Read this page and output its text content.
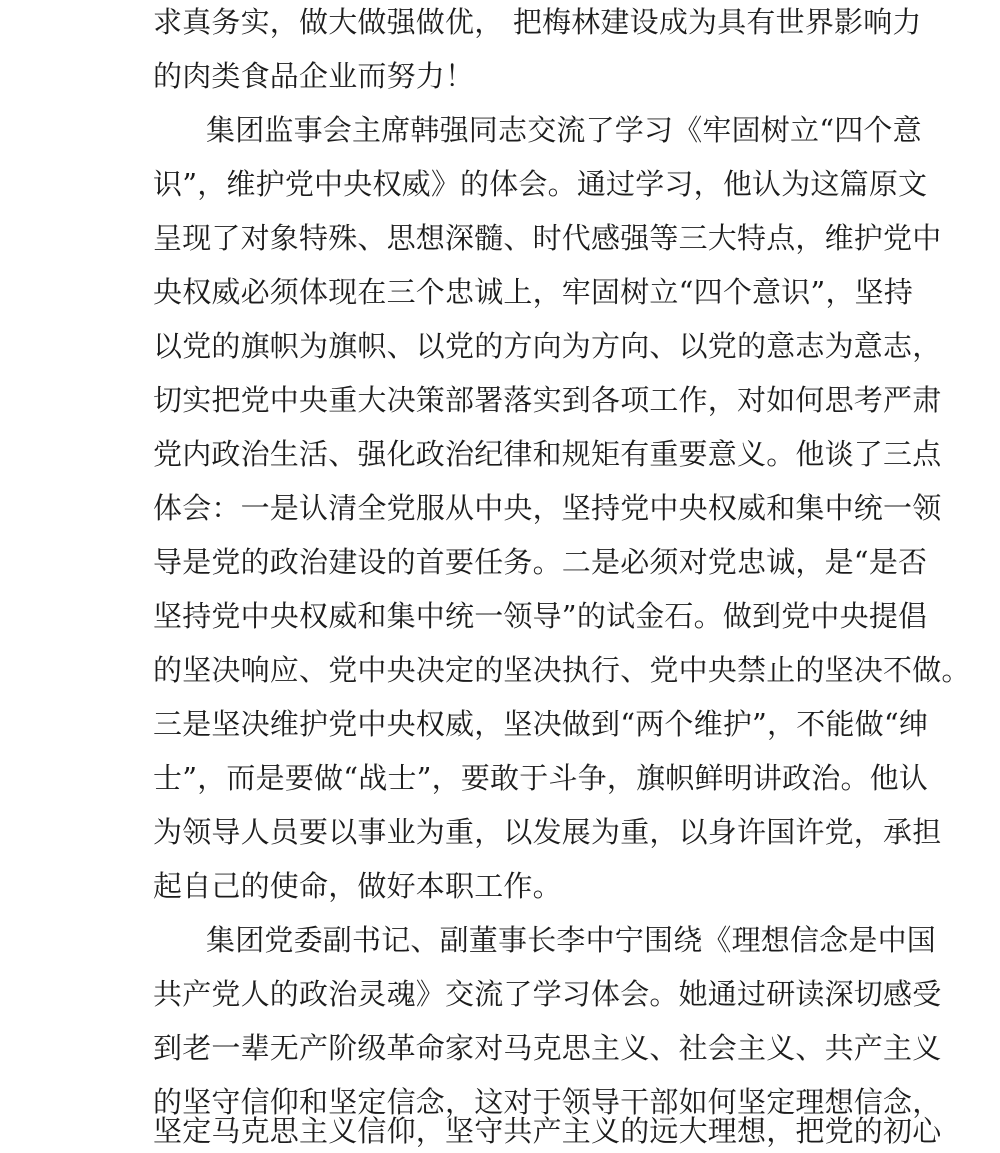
求真务实，做大做强做优， 把梅林建设成为具有世界影响力
的肉类食品企业而努力！
集团监事会主席韩强同志交流了学习《牢固树立“四个意
识”，维护党中央权威》的体会。通过学习，他认为这篇原文
呈现了对象特殊、思想深髓、时代感强等三大特点，维护党中
央权威必须体现在三个忠诚上，牢固树立“四个意识”，坚持
以党的旗帜为旗帜、以党的方向为方向、以党的意志为意志，
切实把党中央重大决策部署落实到各项工作，对如何思考严肃
党内政治生活、强化政治纪律和规矩有重要意义。他谈了三点
体会：一是认清全党服从中央，坚持党中央权威和集中统一领
导是党的政治建设的首要任务。二是必须对党忠诚，是“是否
坚持党中央权威和集中统一领导”的试金石。做到党中央提倡
的坚决响应、党中央决定的坚决执行、党中央禁止的坚决不做。
三是坚决维护党中央权威，坚决做到“两个维护”，不能做“绅
士”，而是要做“战士”，要敢于斗争，旗帜鲜明讲政治。他认
为领导人员要以事业为重，以发展为重，以身许国许党，承担
起自己的使命，做好本职工作。
集团党委副书记、副董事长李中宁围绕《理想信念是中国
共产党人的政治灵魂》交流了学习体会。她通过研读深切感受
到老一辈无产阶级革命家对马克思主义、社会主义、共产主义
的坚守信仰和坚定信念，这对于领导干部如何坚定理想信念，
坚定马克思主义信仰，坚守共产主义的远大理想，把党的初心
